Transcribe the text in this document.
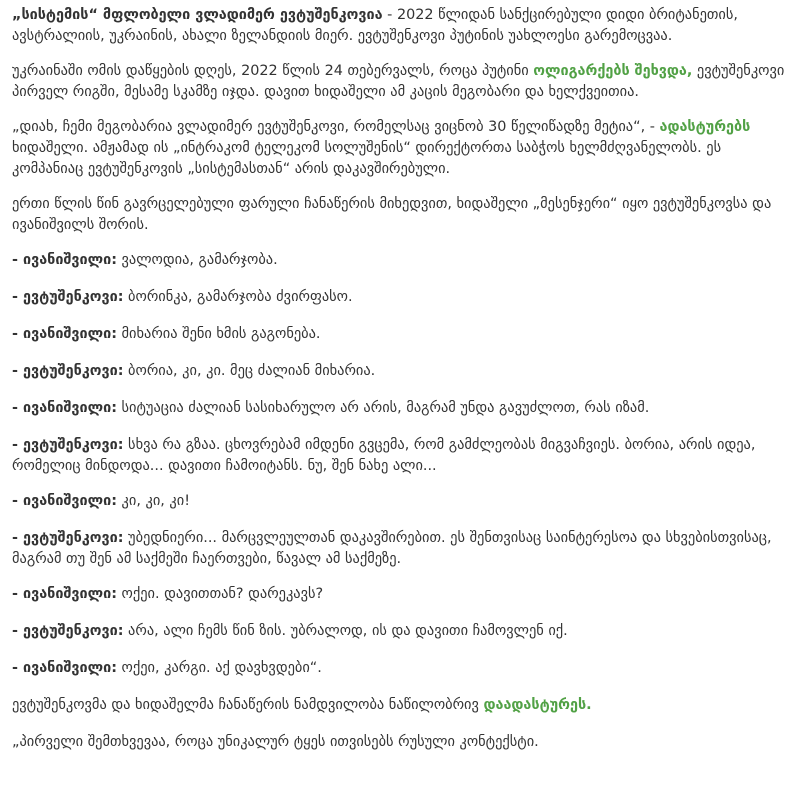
„სისტემის“ მფლობელი ვლადიმერ ევტუშენკოვია - 2022 წლიდან სანქცირებული დიდი ბრიტანეთის, ავსტრალიის, უკრაინის, ახალი ზელანდიის მიერ. ევტუშენკოვი პუტინის უახლოესი გარემოცვაა.

უკრაინაში ომის დაწყების დღეს, 2022 წლის 24 თებერვალს, როცა პუტინი ოლიგარქებს შეხვდა, ევტუშენკოვი პირველ რიგში, მესამე სკამზე იჯდა. დავით ხიდაშელი ამ კაცის მეგობარი და ხელქვეითია.

„დიახ, ჩემი მეგობარია ვლადიმერ ევტუშენკოვი, რომელსაც ვიცნობ 30 წელიწადზე მეტია“, - ადასტურებს ხიდაშელი. ამჟამად ის „ინტრაკომ ტელეკომ სოლუშენის“ დირექტორთა საბჭოს ხელმძღვანელობს. ეს კომპანიაც ევტუშენკოვის „სისტემასთან“ არის დაკავშირებული.

ერთი წლის წინ გავრცელებული ფარული ჩანაწერის მიხედვით, ხიდაშელი „მესენჯერი“ იყო ევტუშენკოვსა და ივანიშვილს შორის.

- ივანიშვილი: ვალოდია, გამარჯობა.

- ევტუშენკოვი: ბორინკა, გამარჯობა ძვირფასო.

- ივანიშვილი: მიხარია შენი ხმის გაგონება.

- ევტუშენკოვი: ბორია, კი, კი. მეც ძალიან მიხარია.

- ივანიშვილი: სიტუაცია ძალიან სასიხარულო არ არის, მაგრამ უნდა გავუძლოთ, რას იზამ.

- ევტუშენკოვი: სხვა რა გზაა. ცხოვრებამ იმდენი გვცემა, რომ გამძლეობას მიგვაჩვიეს. ბორია, არის იდეა, რომელიც მინდოდა... დავითი ჩამოიტანს. ნუ, შენ ნახე ალი...

- ივანიშვილი: კი, კი, კი!

- ევტუშენკოვი: უბედნიერი... მარცვლეულთან დაკავშირებით. ეს შენთვისაც საინტერესოა და სხვებისთვისაც, მაგრამ თუ შენ ამ საქმეში ჩაერთვები, წავალ ამ საქმეზე.

- ივანიშვილი: ოქეი. დავითთან? დარეკავს?

- ევტუშენკოვი: არა, ალი ჩემს წინ ზის. უბრალოდ, ის და დავითი ჩამოვლენ იქ.

- ივანიშვილი: ოქეი, კარგი. აქ დავხვდები“.

ევტუშენკოვმა და ხიდაშელმა ჩანაწერის ნამდვილობა ნაწილობრივ დაადასტურეს.

„პირველი შემთხვევაა, როცა უნიკალურ ტყეს ითვისებს რუსული კონტექსტი.
